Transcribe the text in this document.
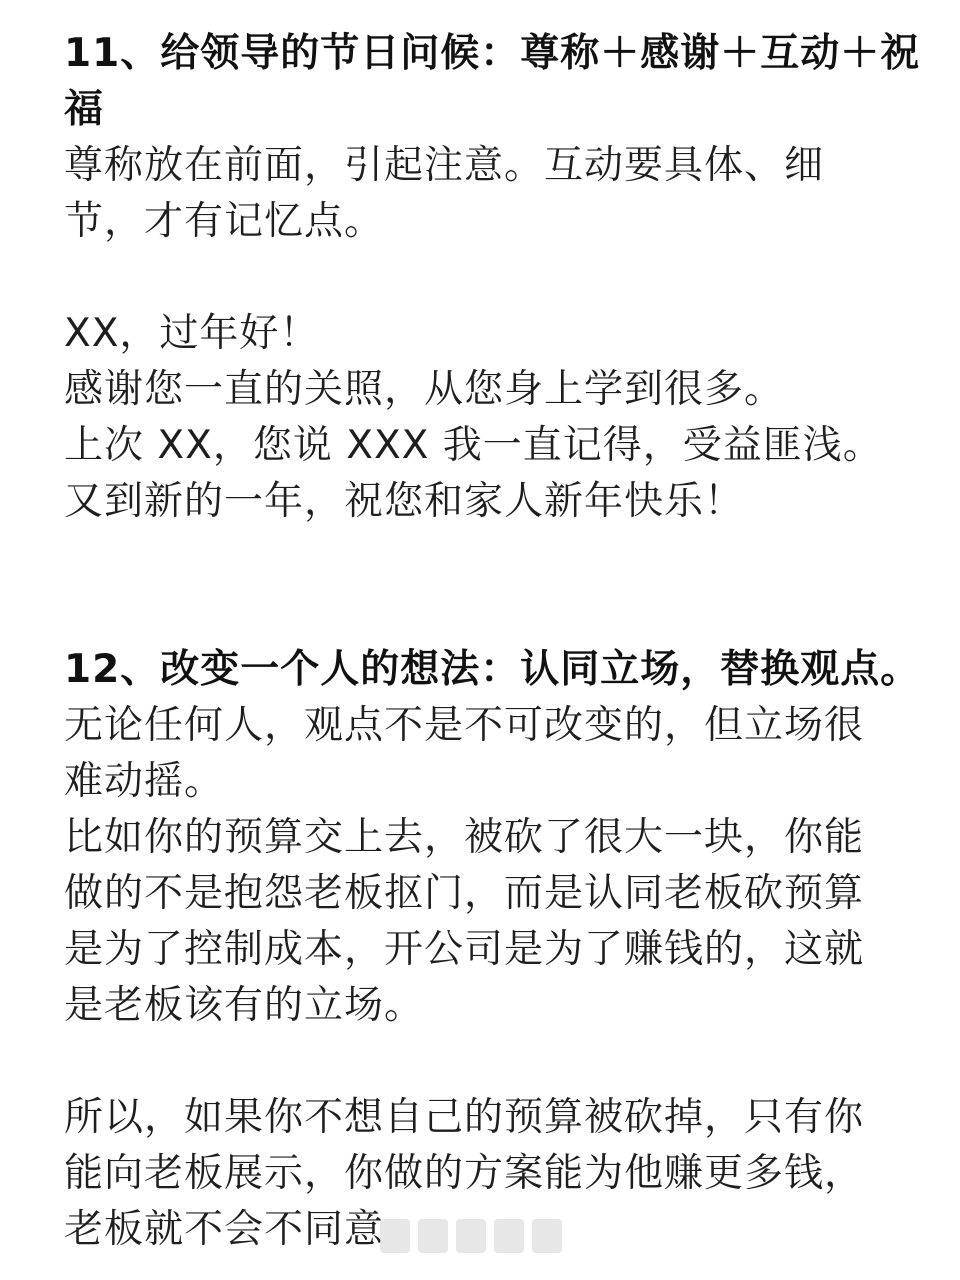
11、给领导的节日问候：尊称＋感谢＋互动＋祝
福
尊称放在前面，引起注意。互动要具体、细
节，才有记忆点。
XX，过年好！
感谢您一直的关照，从您身上学到很多。
上次 XX，您说 XXX 我一直记得，受益匪浅。
又到新的一年，祝您和家人新年快乐！
12、改变一个人的想法：认同立场，替换观点。
无论任何人，观点不是不可改变的，但立场很
难动摇。
比如你的预算交上去，被砍了很大一块，你能
做的不是抱怨老板抠门，而是认同老板砍预算
是为了控制成本，开公司是为了赚钱的，这就
是老板该有的立场。
所以，如果你不想自己的预算被砍掉，只有你
能向老板展示，你做的方案能为他赚更多钱，
老板就不会不同意
